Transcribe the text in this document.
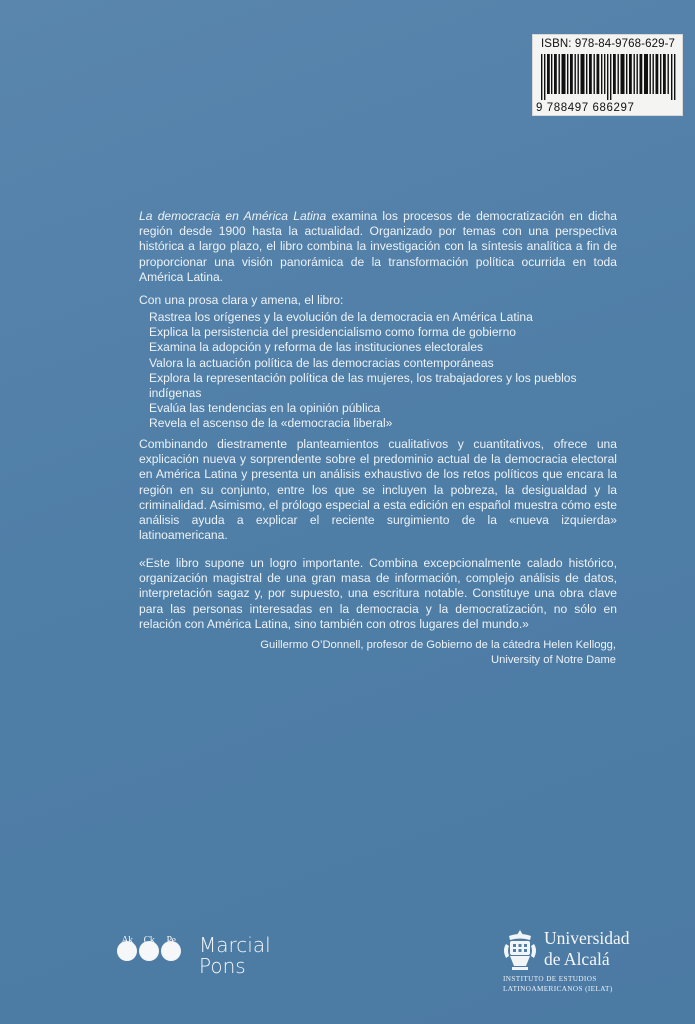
ISBN: 978-84-9768-629-7
9 788497 686297
La democracia en América Latina examina los procesos de democratización en dicha región desde 1900 hasta la actualidad. Organizado por temas con una perspectiva histórica a largo plazo, el libro combina la investigación con la síntesis analítica a fin de proporcionar una visión panorámica de la transformación política ocurrida en toda América Latina.
Con una prosa clara y amena, el libro:
Rastrea los orígenes y la evolución de la democracia en América Latina
Explica la persistencia del presidencialismo como forma de gobierno
Examina la adopción y reforma de las instituciones electorales
Valora la actuación política de las democracias contemporáneas
Explora la representación política de las mujeres, los trabajadores y los pueblos indígenas
Evalúa las tendencias en la opinión pública
Revela el ascenso de la «democracia liberal»
Combinando diestramente planteamientos cualitativos y cuantitativos, ofrece una explicación nueva y sorprendente sobre el predominio actual de la democracia electoral en América Latina y presenta un análisis exhaustivo de los retos políticos que encara la región en su conjunto, entre los que se incluyen la pobreza, la desigualdad y la criminalidad. Asimismo, el prólogo especial a esta edición en español muestra cómo este análisis ayuda a explicar el reciente surgimiento de la «nueva izquierda» latinoamericana.
«Este libro supone un logro importante. Combina excepcionalmente calado histórico, organización magistral de una gran masa de información, complejo análisis de datos, interpretación sagaz y, por supuesto, una escritura notable. Constituye una obra clave para las personas interesadas en la democracia y la democratización, no sólo en relación con América Latina, sino también con otros lugares del mundo.»
Guillermo O’Donnell, profesor de Gobierno de la cátedra Helen Kellogg,
University of Notre Dame
Ak	Ck	Pe Marcial
Pons
Universidad
de Alcalá
INSTITUTO DE ESTUDIOS
LATINOAMERICANOS (IELAT)
